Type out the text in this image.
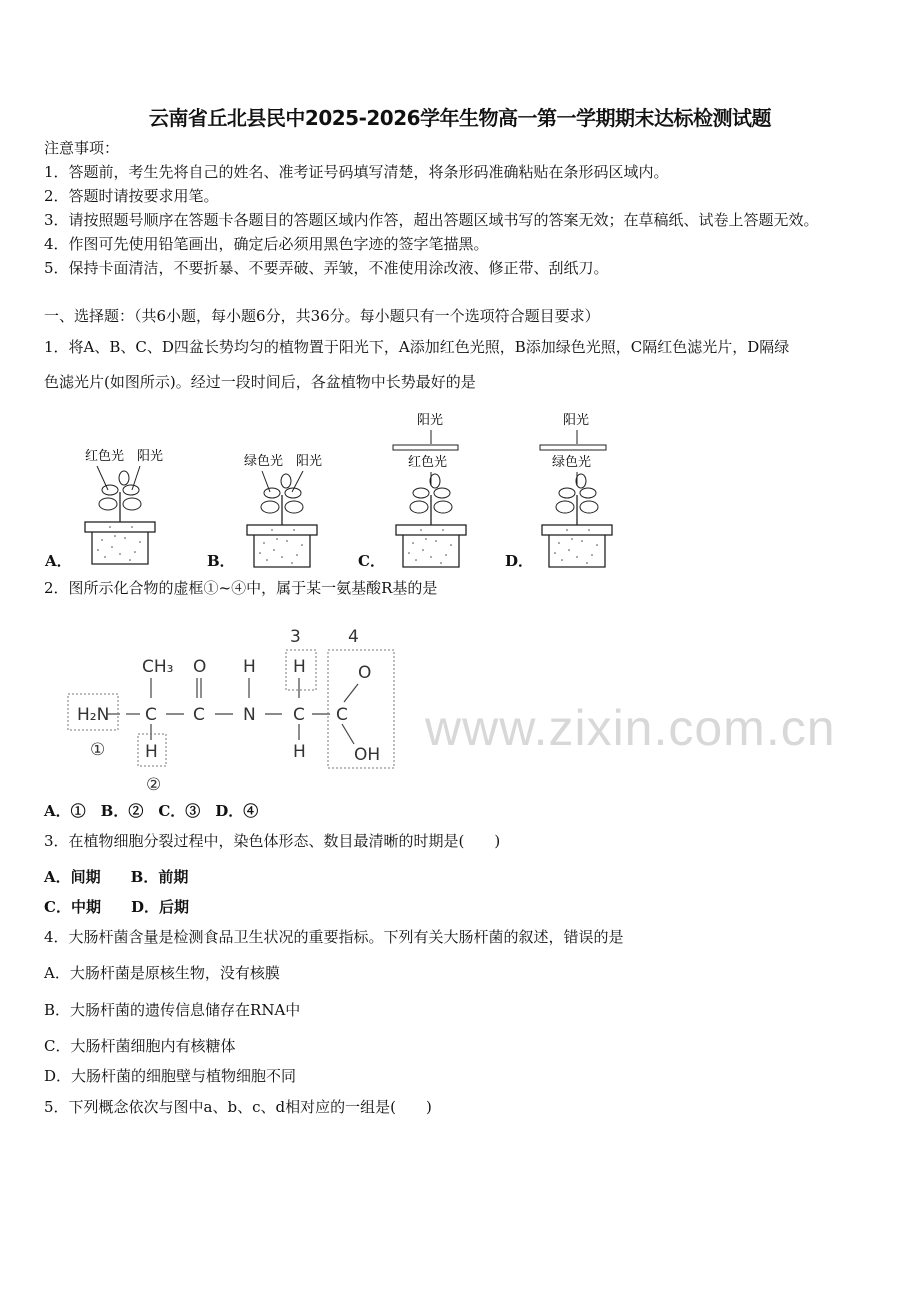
云南省丘北县民中2025-2026学年生物高一第一学期期末达标检测试题
注意事项：
1．答题前，考生先将自己的姓名、准考证号码填写清楚，将条形码准确粘贴在条形码区域内。
2．答题时请按要求用笔。
3．请按照题号顺序在答题卡各题目的答题区域内作答，超出答题区域书写的答案无效；在草稿纸、试卷上答题无效。
4．作图可先使用铅笔画出，确定后必须用黑色字迹的签字笔描黑。
5．保持卡面清洁，不要折暴、不要弄破、弄皱，不准使用涂改液、修正带、刮纸刀。
一、选择题：（共6小题，每小题6分，共36分。每小题只有一个选项符合题目要求）
1．将A、B、C、D四盆长势均匀的植物置于阳光下，A添加红色光照，B添加绿色光照，C隔红色滤光片，D隔绿
色滤光片(如图所示)。经过一段时间后，各盆植物中长势最好的是
红色光 阳光	绿色光 阳光
阳光
红色光
阳光
绿色光
A．	B．	C．	D．
2．图所示化合物的虚框①~④中，属于某一氨基酸R基的是
www.zixin.com.cn
3	4
CH₃ O H H	O
H₂N C C N C C
H	H	OH
①
②
A．①　B．②　C．③　D．④
3．在植物细胞分裂过程中，染色体形态、数目最清晰的时期是(　　)
A．间期　　B．前期
C．中期　　D．后期
4．大肠杆菌含量是检测食品卫生状况的重要指标。下列有关大肠杆菌的叙述，错误的是
A．大肠杆菌是原核生物，没有核膜
B．大肠杆菌的遗传信息储存在RNA中
C．大肠杆菌细胞内有核糖体
D．大肠杆菌的细胞壁与植物细胞不同
5．下列概念依次与图中a、b、c、d相对应的一组是(　　)
